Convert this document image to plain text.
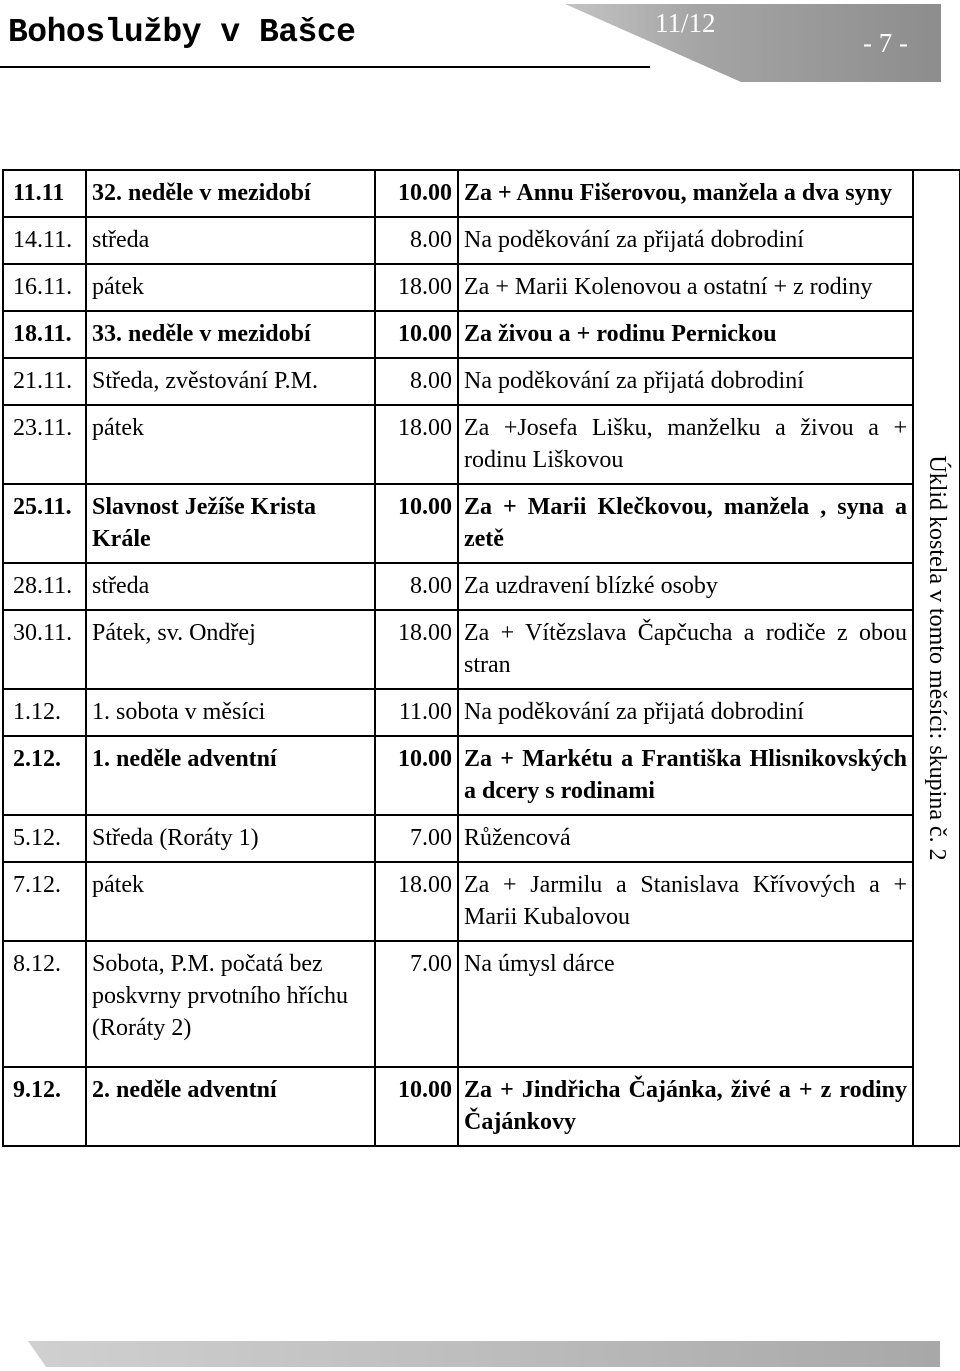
Bohoslužby v Bašce	11/12
- 7 -
11.11	32. neděle v mezidobí	10.00	Za + Annu Fišerovou, manžela a dva syny	Úklid kostela v tomto měsíci: skupina č. 2

14.11.	středa	8.00	Na poděkování za přijatá dobrodiní	
16.11.	pátek	18.00	Za + Marii Kolenovou a ostatní + z rodiny	
18.11.	33. neděle v mezidobí	10.00	Za živou a + rodinu Pernickou	
21.11.	Středa, zvěstování P.M.	8.00	Na poděkování za přijatá dobrodiní	
23.11.	pátek	18.00	Za +Josefa Lišku, manželku a živou a + rodinu Liškovou	
25.11.	Slavnost Ježíše Krista Krále	10.00	Za + Marii Klečkovou, manžela , syna a zetě	
28.11.	středa	8.00	Za uzdravení blízké osoby	
30.11.	Pátek, sv. Ondřej	18.00	Za + Vítězslava Čapčucha a rodiče z obou stran	
1.12.	1. sobota v měsíci	11.00	Na poděkování za přijatá dobrodiní	
2.12.	1. neděle adventní	10.00	Za + Markétu a Františka Hlisnikovských a dcery s rodinami	
5.12.	Středa (Roráty 1)	7.00	Růžencová	
7.12.	pátek	18.00	Za + Jarmilu a Stanislava Křívových a + Marii Kubalovou	
8.12.	Sobota, P.M. počatá bez poskvrny prvotního hříchu (Roráty 2)	7.00	Na úmysl dárce	
9.12.	2. neděle adventní	10.00	Za + Jindřicha Čajánka, živé a + z rodiny Čajánkovy	
